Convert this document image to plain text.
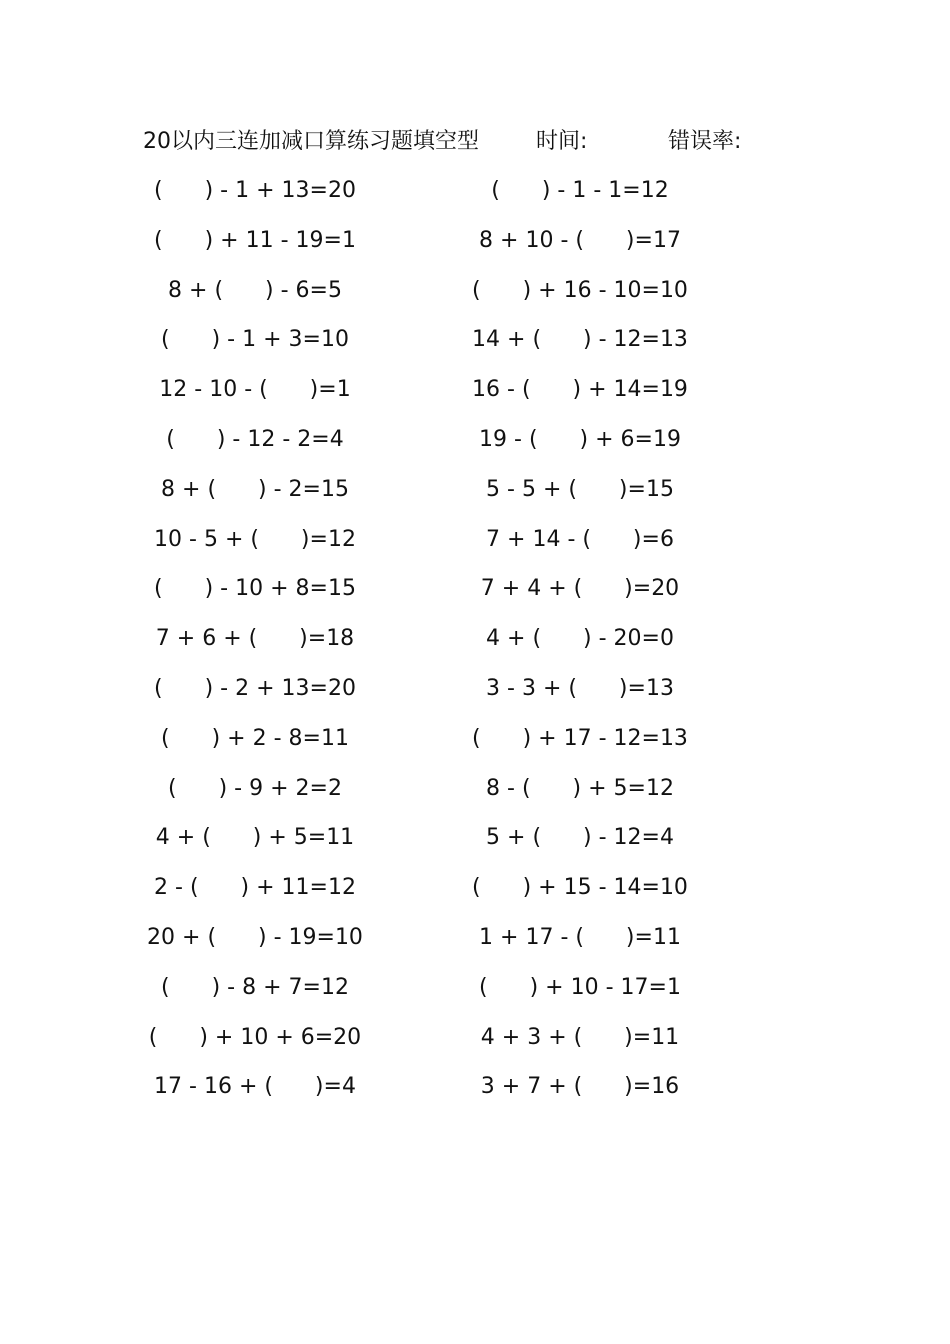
20以内三连加减口算练习题填空型	时间:	错误率:
(      ) - 1 + 13=20	(      ) - 1 - 1=12
(      ) + 11 - 19=1	8 + 10 - (      )=17
8 + (      ) - 6=5	(      ) + 16 - 10=10
(      ) - 1 + 3=10	14 + (      ) - 12=13
12 - 10 - (      )=1	16 - (      ) + 14=19
(      ) - 12 - 2=4	19 - (      ) + 6=19
8 + (      ) - 2=15	5 - 5 + (      )=15
10 - 5 + (      )=12	7 + 14 - (      )=6
(      ) - 10 + 8=15	7 + 4 + (      )=20
7 + 6 + (      )=18	4 + (      ) - 20=0
(      ) - 2 + 13=20	3 - 3 + (      )=13
(      ) + 2 - 8=11	(      ) + 17 - 12=13
(      ) - 9 + 2=2	8 - (      ) + 5=12
4 + (      ) + 5=11	5 + (      ) - 12=4
2 - (      ) + 11=12	(      ) + 15 - 14=10
20 + (      ) - 19=10	1 + 17 - (      )=11
(      ) - 8 + 7=12	(      ) + 10 - 17=1
(      ) + 10 + 6=20	4 + 3 + (      )=11
17 - 16 + (      )=4	3 + 7 + (      )=16
